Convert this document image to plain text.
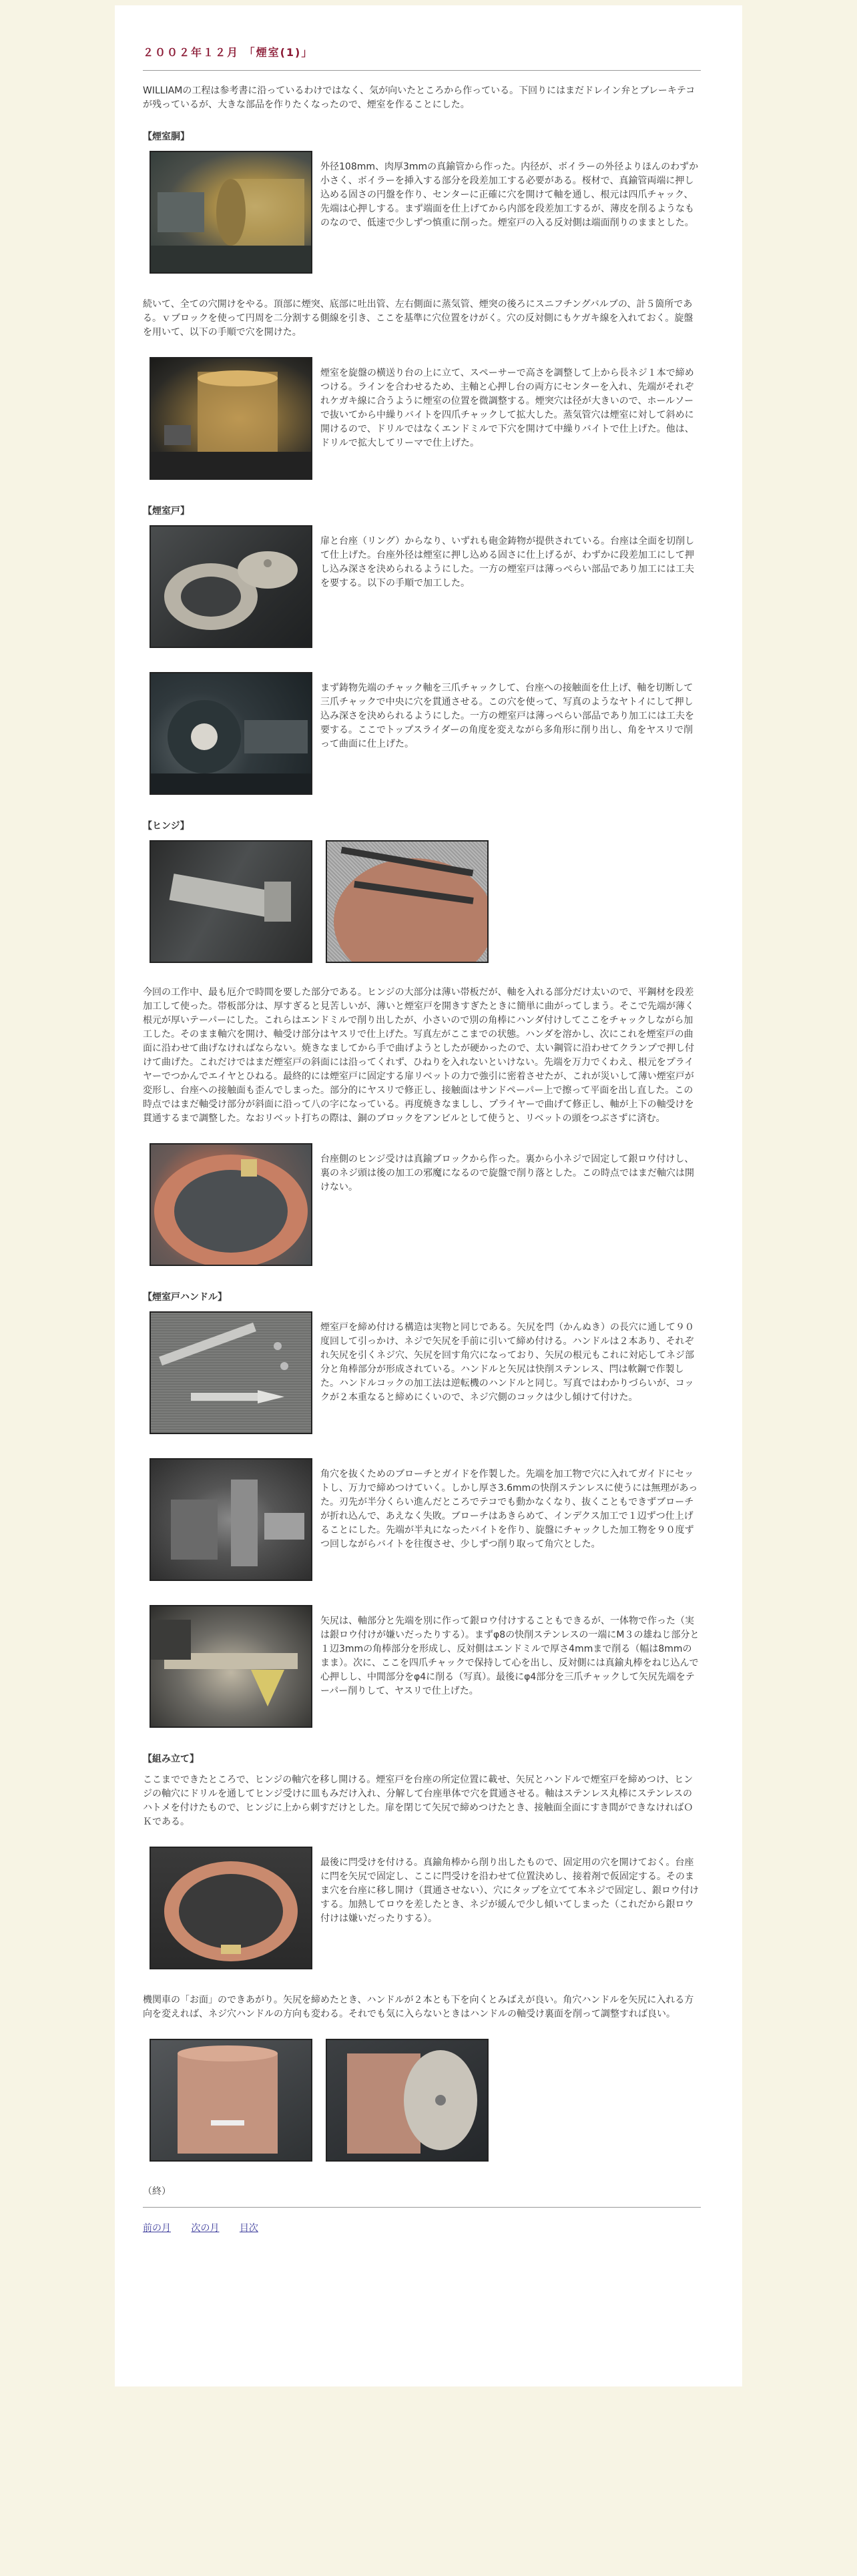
２００２年１２月 「煙室(1)」

WILLIAMの工程は参考書に沿っているわけではなく、気が向いたところから作っている。下回りにはまだドレイン弁とブレーキテコが残っているが、大きな部品を作りたくなったので、煙室を作ることにした。

【煙室胴】
外径108mm、肉厚3mmの真鍮管から作った。内径が、ボイラーの外径よりほんのわずか小さく、ボイラーを挿入する部分を段差加工する必要がある。桜材で、真鍮管両端に押し込める固さの円盤を作り、センターに正確に穴を開けて軸を通し、根元は四爪チャック、先端は心押しする。まず端面を仕上げてから内部を段差加工するが、薄皮を削るようなものなので、低速で少しずつ慎重に削った。煙室戸の入る反対側は端面削りのままとした。

続いて、全ての穴開けをやる。頂部に煙突、底部に吐出管、左右側面に蒸気管、煙突の後ろにスニフチングバルブの、計５箇所である。ｖブロックを使って円周を二分割する側線を引き、ここを基準に穴位置をけがく。穴の反対側にもケガキ線を入れておく。旋盤を用いて、以下の手順で穴を開けた。

煙室を旋盤の横送り台の上に立て、スペーサーで高さを調整して上から長ネジ１本で締めつける。ラインを合わせるため、主軸と心押し台の両方にセンターを入れ、先端がそれぞれケガキ線に合うように煙室の位置を微調整する。煙突穴は径が大きいので、ホールソーで抜いてから中繰りバイトを四爪チャックして拡大した。蒸気管穴は煙室に対して斜めに開けるので、ドリルではなくエンドミルで下穴を開けて中繰りバイトで仕上げた。他は、ドリルで拡大してリーマで仕上げた。
【煙室戸】
扉と台座（リング）からなり、いずれも砲金鋳物が提供されている。台座は全面を切削して仕上げた。台座外径は煙室に押し込める固さに仕上げるが、わずかに段差加工にして押し込み深さを決められるようにした。一方の煙室戸は薄っぺらい部品であり加工には工夫を要する。以下の手順で加工した。
まず鋳物先端のチャック軸を三爪チャックして、台座への接触面を仕上げ、軸を切断して三爪チャックで中央に穴を貫通させる。この穴を使って、写真のようなヤトイにして押し込み深さを決められるようにした。一方の煙室戸は薄っぺらい部品であり加工には工夫を要する。ここでトップスライダーの角度を変えながら多角形に削り出し、角をヤスリで削って曲面に仕上げた。
【ヒンジ】

今回の工作中、最も厄介で時間を要した部分である。ヒンジの大部分は薄い帯板だが、軸を入れる部分だけ太いので、平鋼材を段差加工して使った。帯板部分は、厚すぎると見苦しいが、薄いと煙室戸を開きすぎたときに簡単に曲がってしまう。そこで先端が薄く根元が厚いテーパーにした。これらはエンドミルで削り出したが、小さいので別の角棒にハンダ付けしてここをチャックしながら加工した。そのまま軸穴を開け、軸受け部分はヤスリで仕上げた。写真左がここまでの状態。ハンダを溶かし、次にこれを煙室戸の曲面に沿わせて曲げなければならない。焼きなましてから手で曲げようとしたが硬かったので、太い鋼管に沿わせてクランプで押し付けて曲げた。これだけではまだ煙室戸の斜面には沿ってくれず、ひねりを入れないといけない。先端を万力でくわえ、根元をプライヤーでつかんでエイヤとひねる。最終的には煙室戸に固定する扉リベットの力で強引に密着させたが、これが災いして薄い煙室戸が変形し、台座への接触面も歪んでしまった。部分的にヤスリで修正し、接触面はサンドペーパー上で擦って平面を出し直した。この時点ではまだ軸受け部分が斜面に沿って八の字になっている。再度焼きなましし、プライヤーで曲げて修正し、軸が上下の軸受けを貫通するまで調整した。なおリベット打ちの際は、銅のブロックをアンビルとして使うと、リベットの頭をつぶさずに済む。

台座側のヒンジ受けは真鍮ブロックから作った。裏から小ネジで固定して銀ロウ付けし、裏のネジ頭は後の加工の邪魔になるので旋盤で削り落とした。この時点ではまだ軸穴は開けない。
【煙室戸ハンドル】
煙室戸を締め付ける構造は実物と同じである。矢尻を閂（かんぬき）の長穴に通して９０度回して引っかけ、ネジで矢尻を手前に引いて締め付ける。ハンドルは２本あり、それぞれ矢尻を引くネジ穴、矢尻を回す角穴になっており、矢尻の根元もこれに対応してネジ部分と角棒部分が形成されている。ハンドルと矢尻は快削ステンレス、閂は軟鋼で作製した。ハンドルコックの加工法は逆転機のハンドルと同じ。写真ではわかりづらいが、コックが２本重なると締めにくいので、ネジ穴側のコックは少し傾けて付けた。
角穴を抜くためのブローチとガイドを作製した。先端を加工物で穴に入れてガイドにセットし、万力で締めつけていく。しかし厚さ3.6mmの快削ステンレスに使うには無理があった。刃先が半分くらい進んだところでテコでも動かなくなり、抜くこともできずブローチが折れ込んで、あえなく失敗。ブローチはあきらめて、インデクス加工で１辺ずつ仕上げることにした。先端が半丸になったバイトを作り、旋盤にチャックした加工物を９０度ずつ回しながらバイトを往復させ、少しずつ削り取って角穴とした。
矢尻は、軸部分と先端を別に作って銀ロウ付けすることもできるが、一体物で作った（実は銀ロウ付けが嫌いだったりする）。まずφ8の快削ステンレスの一端にM３の雄ねじ部分と１辺3mmの角棒部分を形成し、反対側はエンドミルで厚さ4mmまで削る（幅は8mmのまま）。次に、ここを四爪チャックで保持して心を出し、反対側には真鍮丸棒をねじ込んで心押しし、中間部分をφ4に削る（写真）。最後にφ4部分を三爪チャックして矢尻先端をテーパー削りして、ヤスリで仕上げた。
【組み立て】

ここまでできたところで、ヒンジの軸穴を移し開ける。煙室戸を台座の所定位置に載せ、矢尻とハンドルで煙室戸を締めつけ、ヒンジの軸穴にドリルを通してヒンジ受けに皿もみだけ入れ、分解して台座単体で穴を貫通させる。軸はステンレス丸棒にステンレスのハトメを付けたもので、ヒンジに上から刺すだけとした。扉を閉じて矢尻で締めつけたとき、接触面全面にすき間ができなければＯＫである。

最後に閂受けを付ける。真鍮角棒から削り出したもので、固定用の穴を開けておく。台座に閂を矢尻で固定し、ここに閂受けを沿わせて位置決めし、接着剤で仮固定する。そのまま穴を台座に移し開け（貫通させない）、穴にタップを立てて本ネジで固定し、銀ロウ付けする。加熱してロウを差したとき、ネジが緩んで少し傾いてしまった（これだから銀ロウ付けは嫌いだったりする）。

機関車の「お面」のできあがり。矢尻を締めたとき、ハンドルが２本とも下を向くとみばえが良い。角穴ハンドルを矢尻に入れる方向を変えれば、ネジ穴ハンドルの方向も変わる。それでも気に入らないときはハンドルの軸受け裏面を削って調整すれば良い。

（終）
前の月 次の月 目次
